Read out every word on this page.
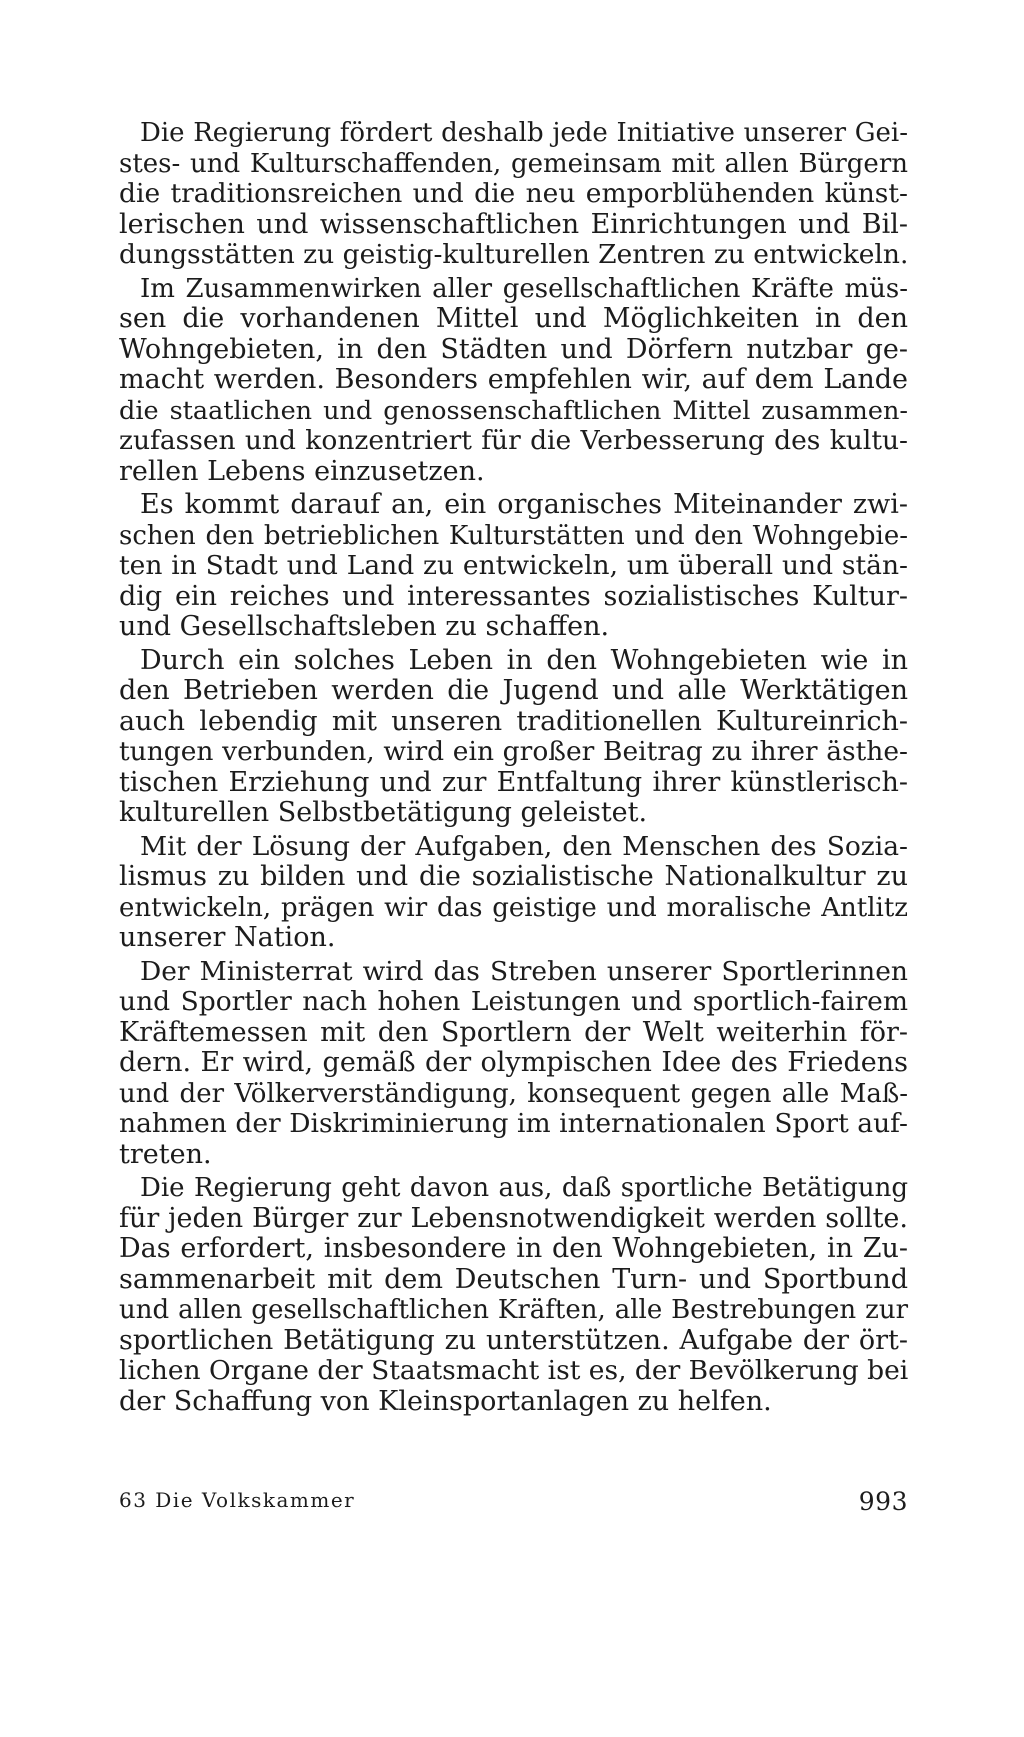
Die Regierung fördert deshalb jede Initiative unserer Gei-
stes- und Kulturschaffenden, gemeinsam mit allen Bürgern
die traditionsreichen und die neu emporblühenden künst-
lerischen und wissenschaftlichen Einrichtungen und Bil-
dungsstätten zu geistig-kulturellen Zentren zu entwickeln.

Im Zusammenwirken aller gesellschaftlichen Kräfte müs-
sen die vorhandenen Mittel und Möglichkeiten in den
Wohngebieten, in den Städten und Dörfern nutzbar ge-
macht werden. Besonders empfehlen wir, auf dem Lande
die staatlichen und genossenschaftlichen Mittel zusammen-
zufassen und konzentriert für die Verbesserung des kultu-
rellen Lebens einzusetzen.

Es kommt darauf an, ein organisches Miteinander zwi-
schen den betrieblichen Kulturstätten und den Wohngebie-
ten in Stadt und Land zu entwickeln, um überall und stän-
dig ein reiches und interessantes sozialistisches Kultur-
und Gesellschaftsleben zu schaffen.

Durch ein solches Leben in den Wohngebieten wie in
den Betrieben werden die Jugend und alle Werktätigen
auch lebendig mit unseren traditionellen Kultureinrich-
tungen verbunden, wird ein großer Beitrag zu ihrer ästhe-
tischen Erziehung und zur Entfaltung ihrer künstlerisch-
kulturellen Selbstbetätigung geleistet.

Mit der Lösung der Aufgaben, den Menschen des Sozia-
lismus zu bilden und die sozialistische Nationalkultur zu
entwickeln, prägen wir das geistige und moralische Antlitz
unserer Nation.

Der Ministerrat wird das Streben unserer Sportlerinnen
und Sportler nach hohen Leistungen und sportlich-fairem
Kräftemessen mit den Sportlern der Welt weiterhin för-
dern. Er wird, gemäß der olympischen Idee des Friedens
und der Völkerverständigung, konsequent gegen alle Maß-
nahmen der Diskriminierung im internationalen Sport auf-
treten.

Die Regierung geht davon aus, daß sportliche Betätigung
für jeden Bürger zur Lebensnotwendigkeit werden sollte.
Das erfordert, insbesondere in den Wohngebieten, in Zu-
sammenarbeit mit dem Deutschen Turn- und Sportbund
und allen gesellschaftlichen Kräften, alle Bestrebungen zur
sportlichen Betätigung zu unterstützen. Aufgabe der ört-
lichen Organe der Staatsmacht ist es, der Bevölkerung bei
der Schaffung von Kleinsportanlagen zu helfen.

63 Die Volkskammer	993
